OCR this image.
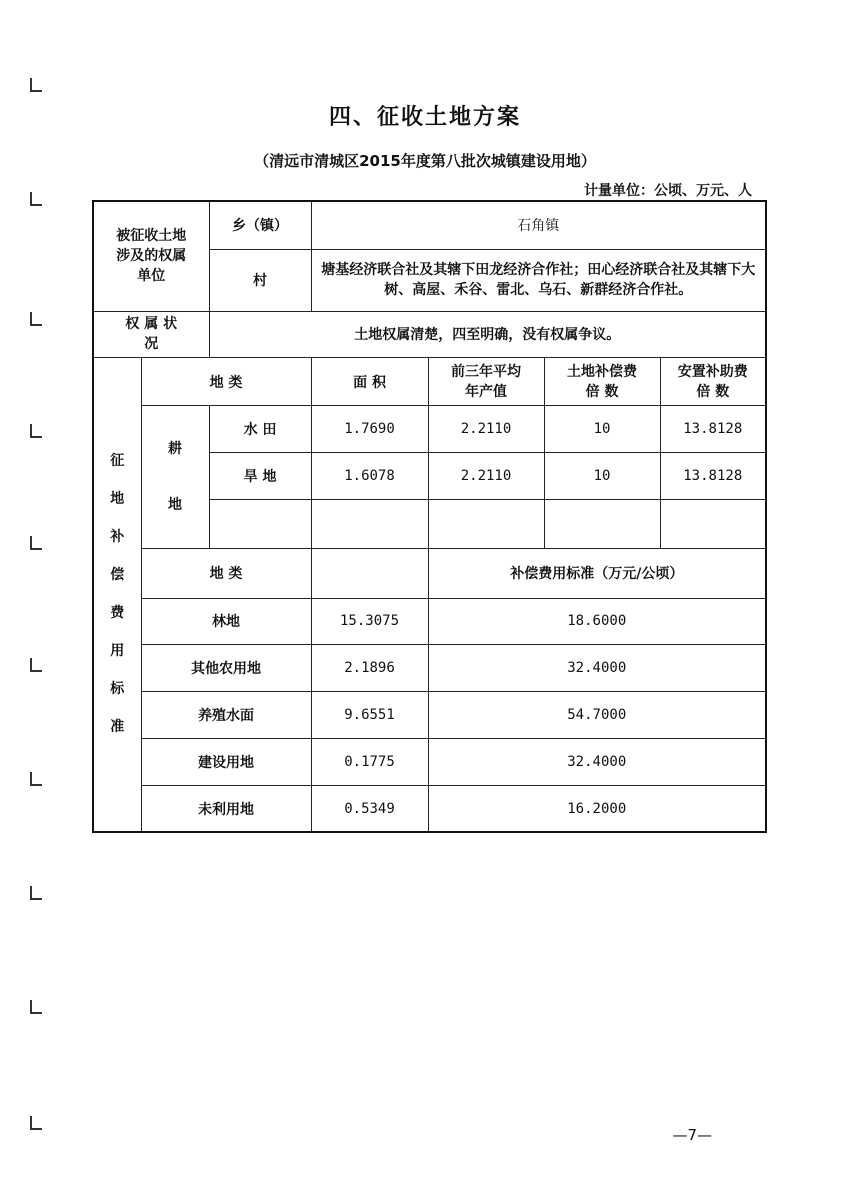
四、征收土地方案
（清远市清城区2015年度第八批次城镇建设用地）
计量单位：公顷、万元、人
被征收土地涉及的权属单位		乡（镇）	石角镇			
		村	塘基经济联合社及其辖下田龙经济合作社；田心经济联合社及其辖下大树、高屋、禾谷、雷北、乌石、新群经济合作社。			

权 属 状 况		土地权属清楚，四至明确，没有权属争议。				
征地补偿费用标准	地 类		面 积	前三年平均年产值	土地补偿费倍 数	安置补助费倍 数

	耕地	水 田	1.7690	2.2110	10	13.8128
		旱 地	1.6078	2.2110	10	13.8128

	地 类			补偿费用标准（万元/公顷）		
	林地		15.3075	18.6000		
	其他农用地		2.1896	32.4000		
	养殖水面		9.6551	54.7000		
	建设用地		0.1775	32.4000		
	未利用地		0.5349	16.2000		
—7—
